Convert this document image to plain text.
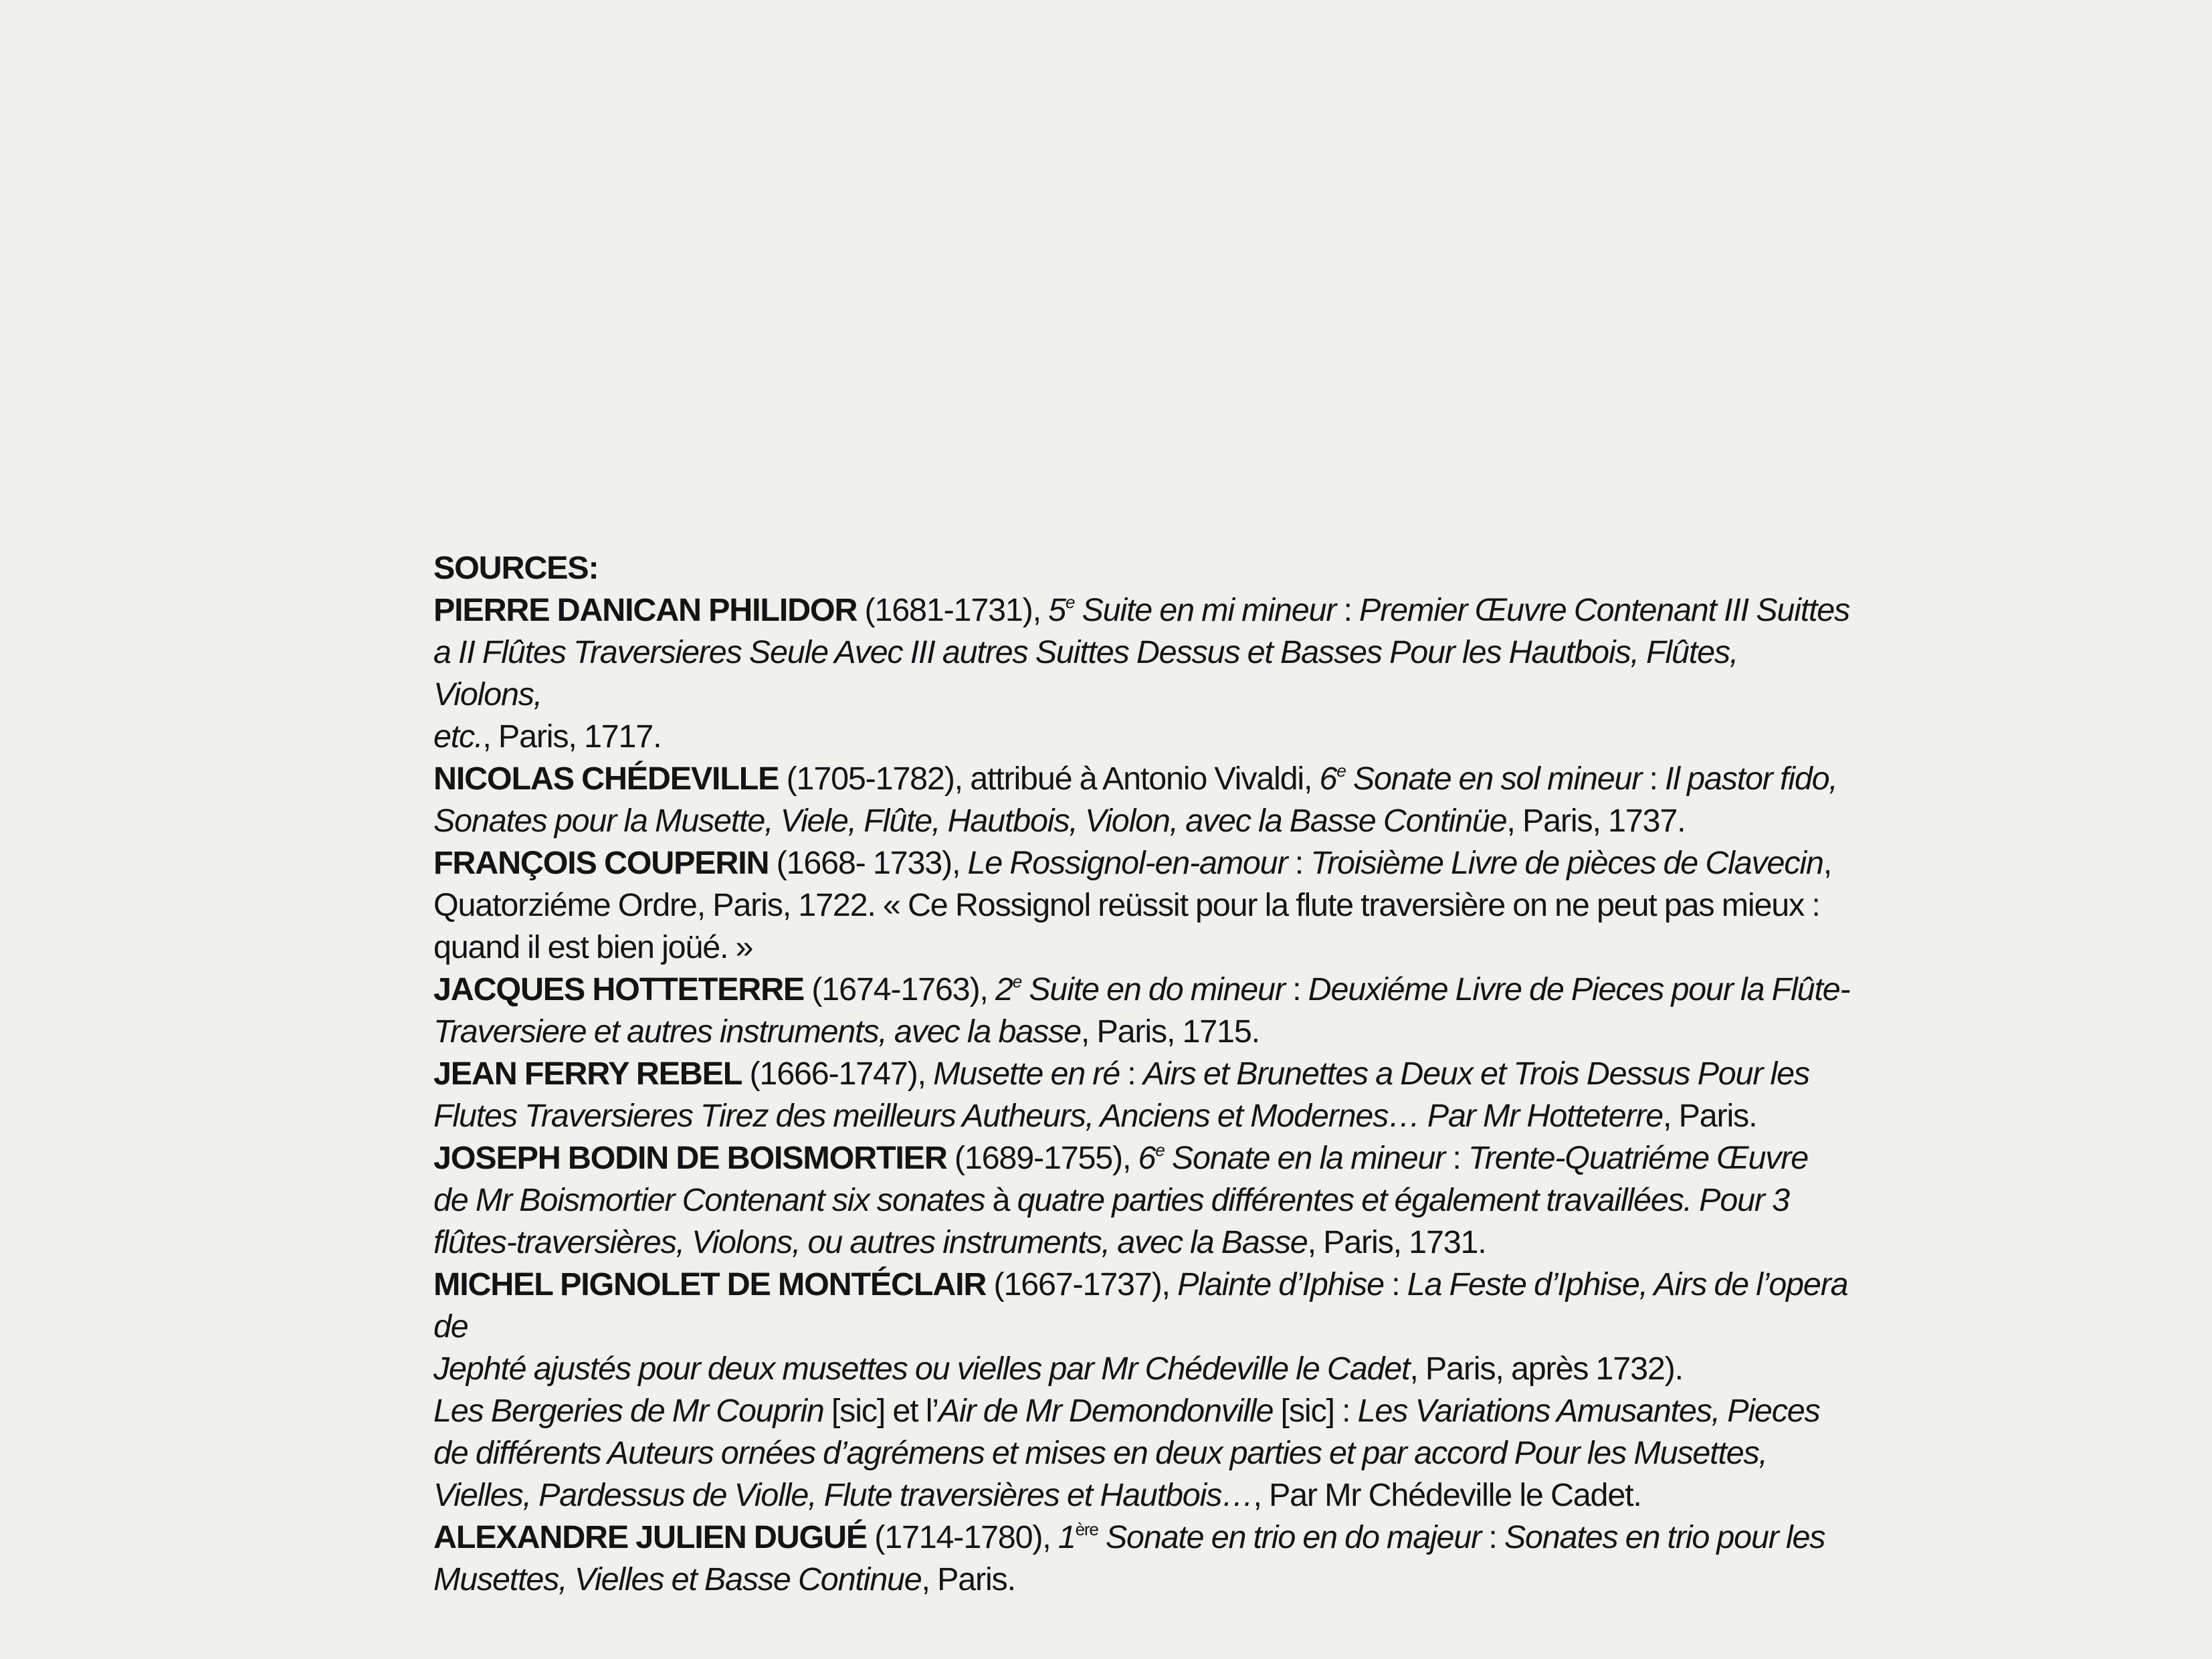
SOURCES:
PIERRE DANICAN PHILIDOR (1681-1731), 5e Suite en mi mineur : Premier Œuvre Contenant III Suittes
a II Flûtes Traversieres Seule Avec III autres Suittes Dessus et Basses Pour les Hautbois, Flûtes, Violons,
etc., Paris, 1717.
NICOLAS CHÉDEVILLE (1705-1782), attribué à Antonio Vivaldi, 6e Sonate en sol mineur : Il pastor fido,
Sonates pour la Musette, Viele, Flûte, Hautbois, Violon, avec la Basse Continüe, Paris, 1737.
FRANÇOIS COUPERIN (1668- 1733), Le Rossignol-en-amour : Troisième Livre de pièces de Clavecin,
Quatorziéme Ordre, Paris, 1722. « Ce Rossignol reüssit pour la flute traversière on ne peut pas mieux :
quand il est bien joüé. »
JACQUES HOTTETERRE (1674-1763), 2e Suite en do mineur : Deuxiéme Livre de Pieces pour la Flûte-
Traversiere et autres instruments, avec la basse, Paris, 1715.
JEAN FERRY REBEL (1666-1747), Musette en ré : Airs et Brunettes a Deux et Trois Dessus Pour les
Flutes Traversieres Tirez des meilleurs Autheurs, Anciens et Modernes… Par Mr Hotteterre, Paris.
JOSEPH BODIN DE BOISMORTIER (1689-1755), 6e Sonate en la mineur : Trente-Quatriéme Œuvre
de Mr Boismortier Contenant six sonates à quatre parties différentes et également travaillées. Pour 3
flûtes-traversières, Violons, ou autres instruments, avec la Basse, Paris, 1731.
MICHEL PIGNOLET DE MONTÉCLAIR (1667-1737), Plainte d’Iphise : La Feste d’Iphise, Airs de l’opera de
Jephté ajustés pour deux musettes ou vielles par Mr Chédeville le Cadet, Paris, après 1732).
Les Bergeries de Mr Couprin [sic] et l’Air de Mr Demondonville [sic] : Les Variations Amusantes, Pieces
de différents Auteurs ornées d’agrémens et mises en deux parties et par accord Pour les Musettes,
Vielles, Pardessus de Violle, Flute traversières et Hautbois…, Par Mr Chédeville le Cadet.
ALEXANDRE JULIEN DUGUÉ (1714-1780), 1ère Sonate en trio en do majeur : Sonates en trio pour les
Musettes, Vielles et Basse Continue, Paris.
